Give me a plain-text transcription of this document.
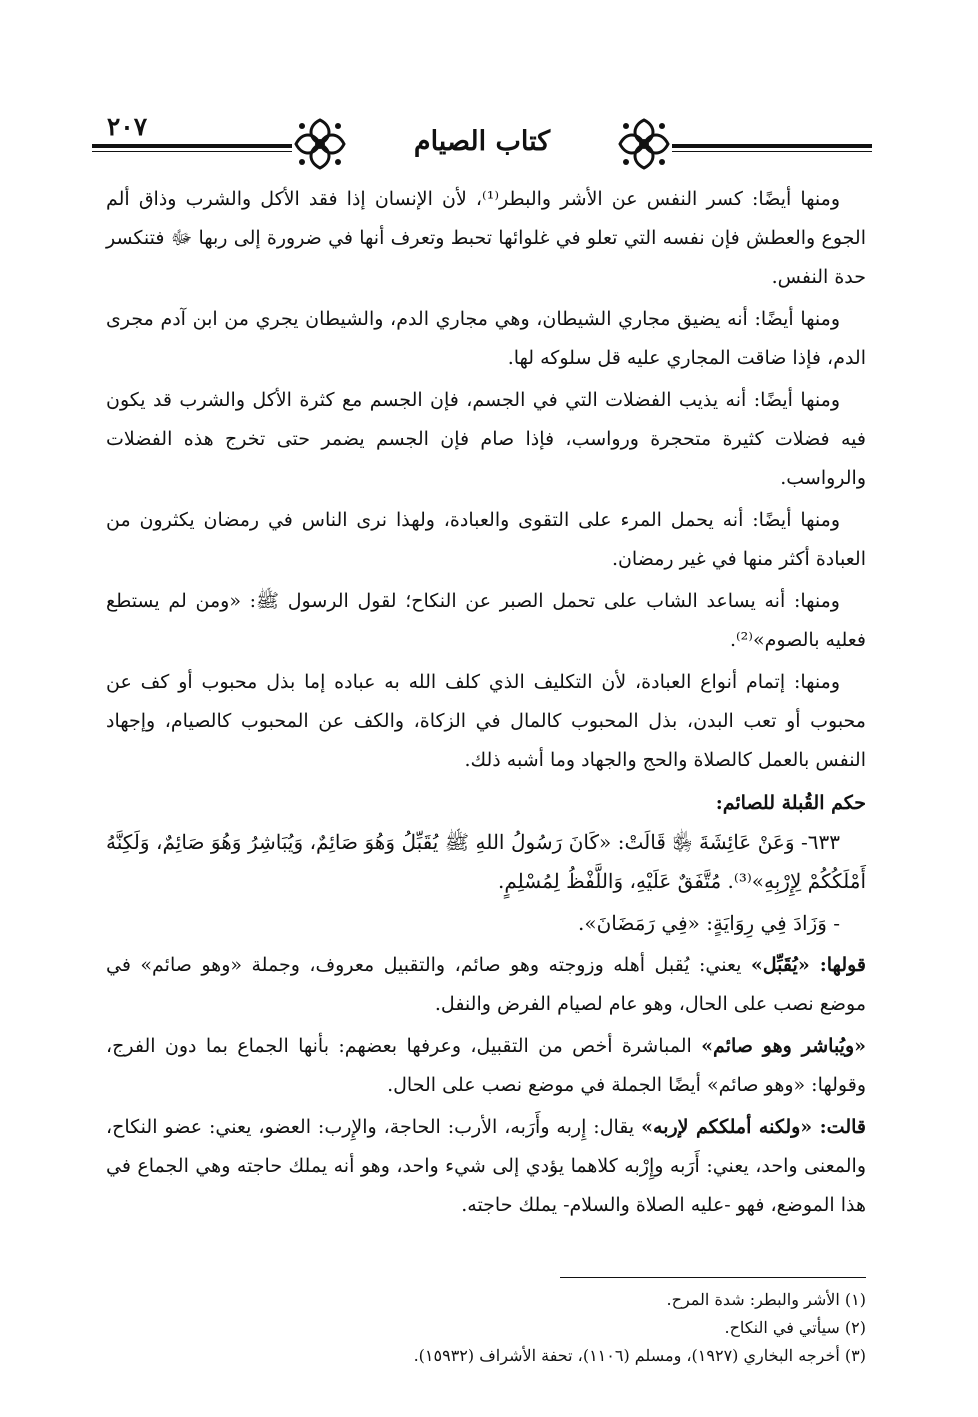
٢٠٧	كتاب الصيام

ومنها أيضًا: كسر النفس عن الأشر والبطر⁽¹⁾، لأن الإنسان إذا فقد الأكل والشرب وذاق ألم الجوع والعطش فإن نفسه التي تعلو في غلوائها تحبط وتعرف أنها في ضرورة إلى ربها ﷻ فتنكسر حدة النفس.

ومنها أيضًا: أنه يضيق مجاري الشيطان، وهي مجاري الدم، والشيطان يجري من ابن آدم مجرى الدم، فإذا ضاقت المجاري عليه قل سلوكه لها.

ومنها أيضًا: أنه يذيب الفضلات التي في الجسم، فإن الجسم مع كثرة الأكل والشرب قد يكون فيه فضلات كثيرة متحجرة ورواسب، فإذا صام فإن الجسم يضمر حتى تخرج هذه الفضلات والرواسب.

ومنها أيضًا: أنه يحمل المرء على التقوى والعبادة، ولهذا نرى الناس في رمضان يكثرون من العبادة أكثر منها في غير رمضان.

ومنها: أنه يساعد الشاب على تحمل الصبر عن النكاح؛ لقول الرسول ﷺ: «ومن لم يستطع فعليه بالصوم»⁽²⁾.

ومنها: إتمام أنواع العبادة، لأن التكليف الذي كلف الله به عباده إما بذل محبوب أو كف عن محبوب أو تعب البدن، بذل المحبوب كالمال في الزكاة، والكف عن المحبوب كالصيام، وإجهاد النفس بالعمل كالصلاة والحج والجهاد وما أشبه ذلك.

حكم القُبلة للصائم:

٦٣٣- وَعَنْ عَائِشَةَ ﵂ قَالَتْ: «كَانَ رَسُولُ اللهِ ﷺ يُقَبِّلُ وَهُوَ صَائِمٌ، وَيُبَاشِرُ وَهُوَ صَائِمٌ، وَلَكِنَّهُ أَمْلَكُكُمْ لِإِرْبِهِ»⁽³⁾. مُتَّفَقٌ عَلَيْهِ، وَاللَّفْظُ لِمُسْلِمٍ.

- وَزَادَ فِي رِوَايَةٍ: «فِي رَمَضَانَ».

قولها: «يُقَبِّل» يعني: يُقبل أهله وزوجته وهو صائم، والتقبيل معروف، وجملة «وهو صائم» في موضع نصب على الحال، وهو عام لصيام الفرض والنفل.

«ويُباشر وهو صائم» المباشرة أخص من التقبيل، وعرفها بعضهم: بأنها الجماع بما دون الفرج، وقولها: «وهو صائم» أيضًا الجملة في موضع نصب على الحال.

قالت: «ولكنه أملككم لإربه» يقال: إِربه وأَرَبه، الأرب: الحاجة، والإِرب: العضو، يعني: عضو النكاح، والمعنى واحد، يعني: أَرَبه وإِرْبه كلاهما يؤدي إلى شيء واحد، وهو أنه يملك حاجته وهي الجماع في هذا الموضع، فهو -عليه الصلاة والسلام- يملك حاجته.

(١) الأشر والبطر: شدة المرح.
(٢) سيأتي في النكاح.
(٣) أخرجه البخاري (١٩٢٧)، ومسلم (١١٠٦)، تحفة الأشراف (١٥٩٣٢).
